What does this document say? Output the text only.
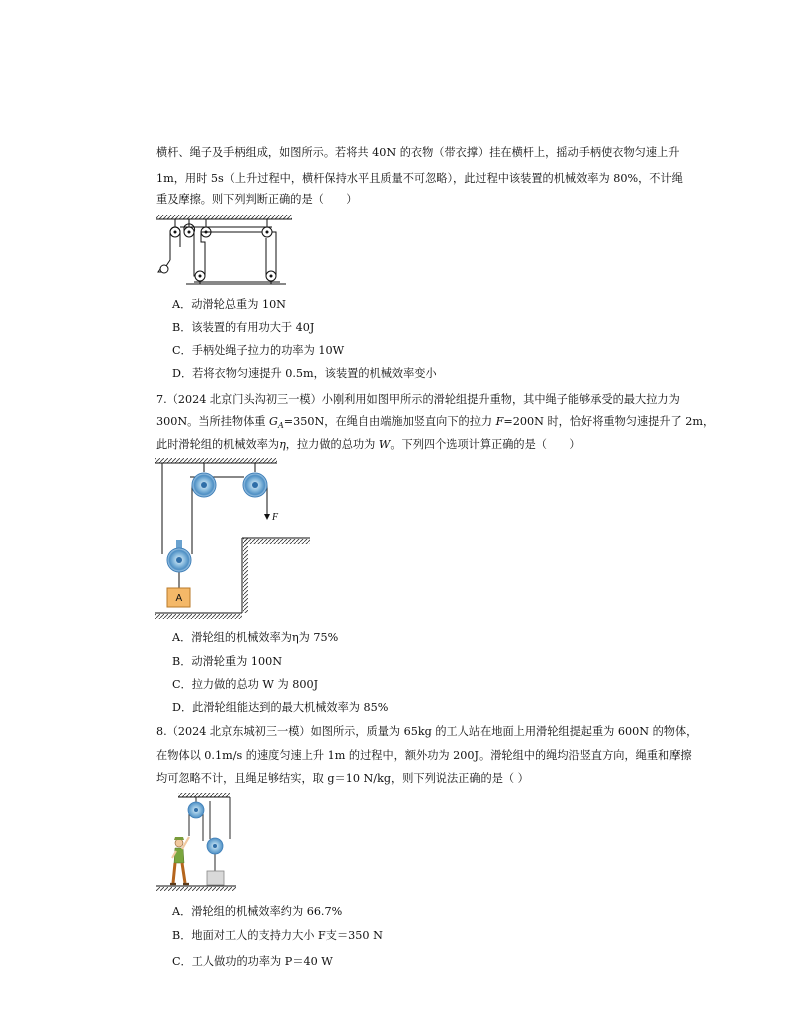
横杆、绳子及手柄组成，如图所示。若将共 40N 的衣物（带衣撑）挂在横杆上，摇动手柄使衣物匀速上升
1m，用时 5s（上升过程中，横杆保持水平且质量不可忽略），此过程中该装置的机械效率为 80%，不计绳
重及摩擦。则下列判断正确的是（　　）
A．动滑轮总重为 10N
B．该装置的有用功大于 40J
C．手柄处绳子拉力的功率为 10W
D．若将衣物匀速提升 0.5m，该装置的机械效率变小
7.（2024 北京门头沟初三一模）小刚利用如图甲所示的滑轮组提升重物，其中绳子能够承受的最大拉力为
300N。当所挂物体重 $G_A=350N$，在绳自由端施加竖直向下的拉力 F=200N 时，恰好将重物匀速提升了 2m，
此时滑轮组的机械效率为η，拉力做的总功为 W。下列四个选项计算正确的是（　　）
F
A
A．滑轮组的机械效率为η为 75%
B．动滑轮重为 100N
C．拉力做的总功 W 为 800J
D．此滑轮组能达到的最大机械效率为 85%
8.（2024 北京东城初三一模）如图所示，质量为 65kg 的工人站在地面上用滑轮组提起重为 600N 的物体，
在物体以 0.1m/s 的速度匀速上升 1m 的过程中，额外功为 200J。滑轮组中的绳均沿竖直方向，绳重和摩擦
均可忽略不计，且绳足够结实，取 g＝10 N/kg，则下列说法正确的是（ ）
A．滑轮组的机械效率约为 66.7%
B．地面对工人的支持力大小 F支＝350 N
C．工人做功的功率为 P＝40 W
